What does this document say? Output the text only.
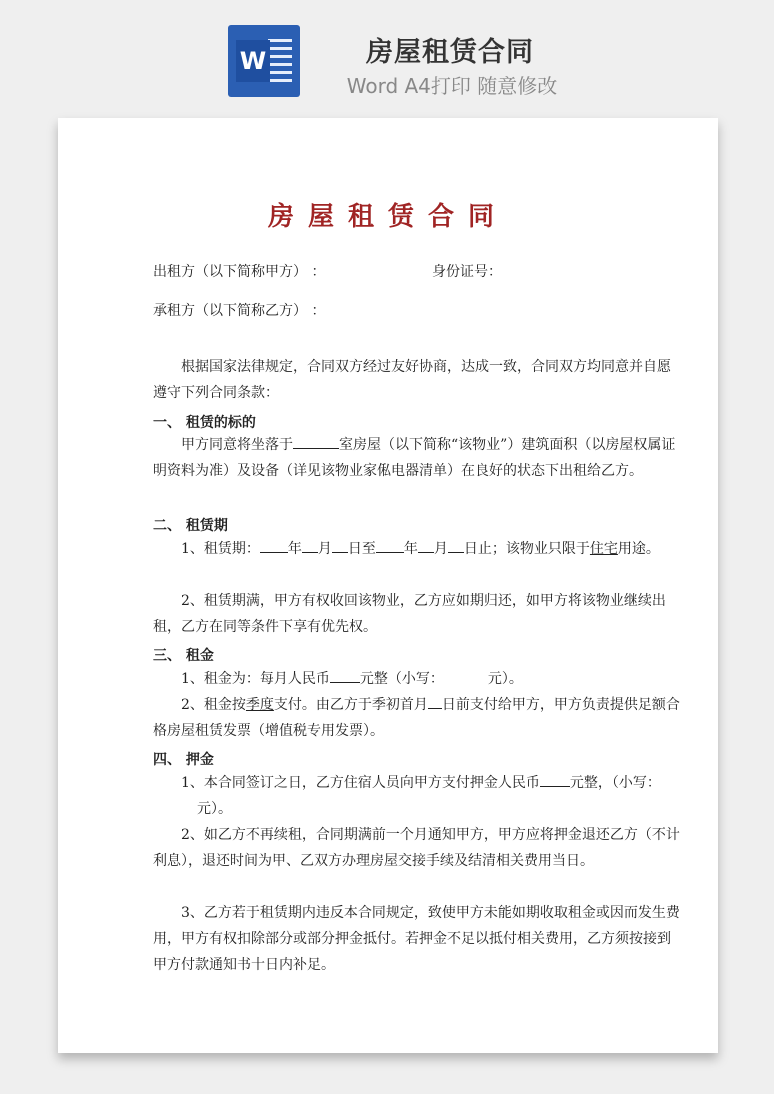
W	房屋租赁合同
Word A4打印 随意修改
房屋租赁合同
出租方（以下简称甲方） ：	身份证号：
承租方（以下简称乙方） ：
根据国家法律规定，合同双方经过友好协商，达成一致，合同双方均同意并自愿遵守下列合同条款：
一、 租赁的标的
甲方同意将坐落于	室房屋（以下简称“该物业”）建筑面积（以房屋权属证明资料为准）及设备（详见该物业家俬电器清单）在良好的状态下出租给乙方。
二、 租赁期
1、租赁期： 年 月 日至 年 月 日止；该物业只限于住宅用途。
2、租赁期满，甲方有权收回该物业，乙方应如期归还，如甲方将该物业继续出租，乙方在同等条件下享有优先权。
三、 租金
1、租金为：每月人民币 元整（小写：	元）。
2、租金按季度支付。由乙方于季初首月 日前支付给甲方，甲方负责提供足额合格房屋租赁发票（增值税专用发票）。
四、 押金
1、本合同签订之日，乙方住宿人员向甲方支付押金人民币 元整，（小写：元）。
2、如乙方不再续租，合同期满前一个月通知甲方，甲方应将押金退还乙方（不计利息），退还时间为甲、乙双方办理房屋交接手续及结清相关费用当日。
3、乙方若于租赁期内违反本合同规定，致使甲方未能如期收取租金或因而发生费用，甲方有权扣除部分或部分押金抵付。若押金不足以抵付相关费用，乙方须按接到甲方付款通知书十日内补足。
